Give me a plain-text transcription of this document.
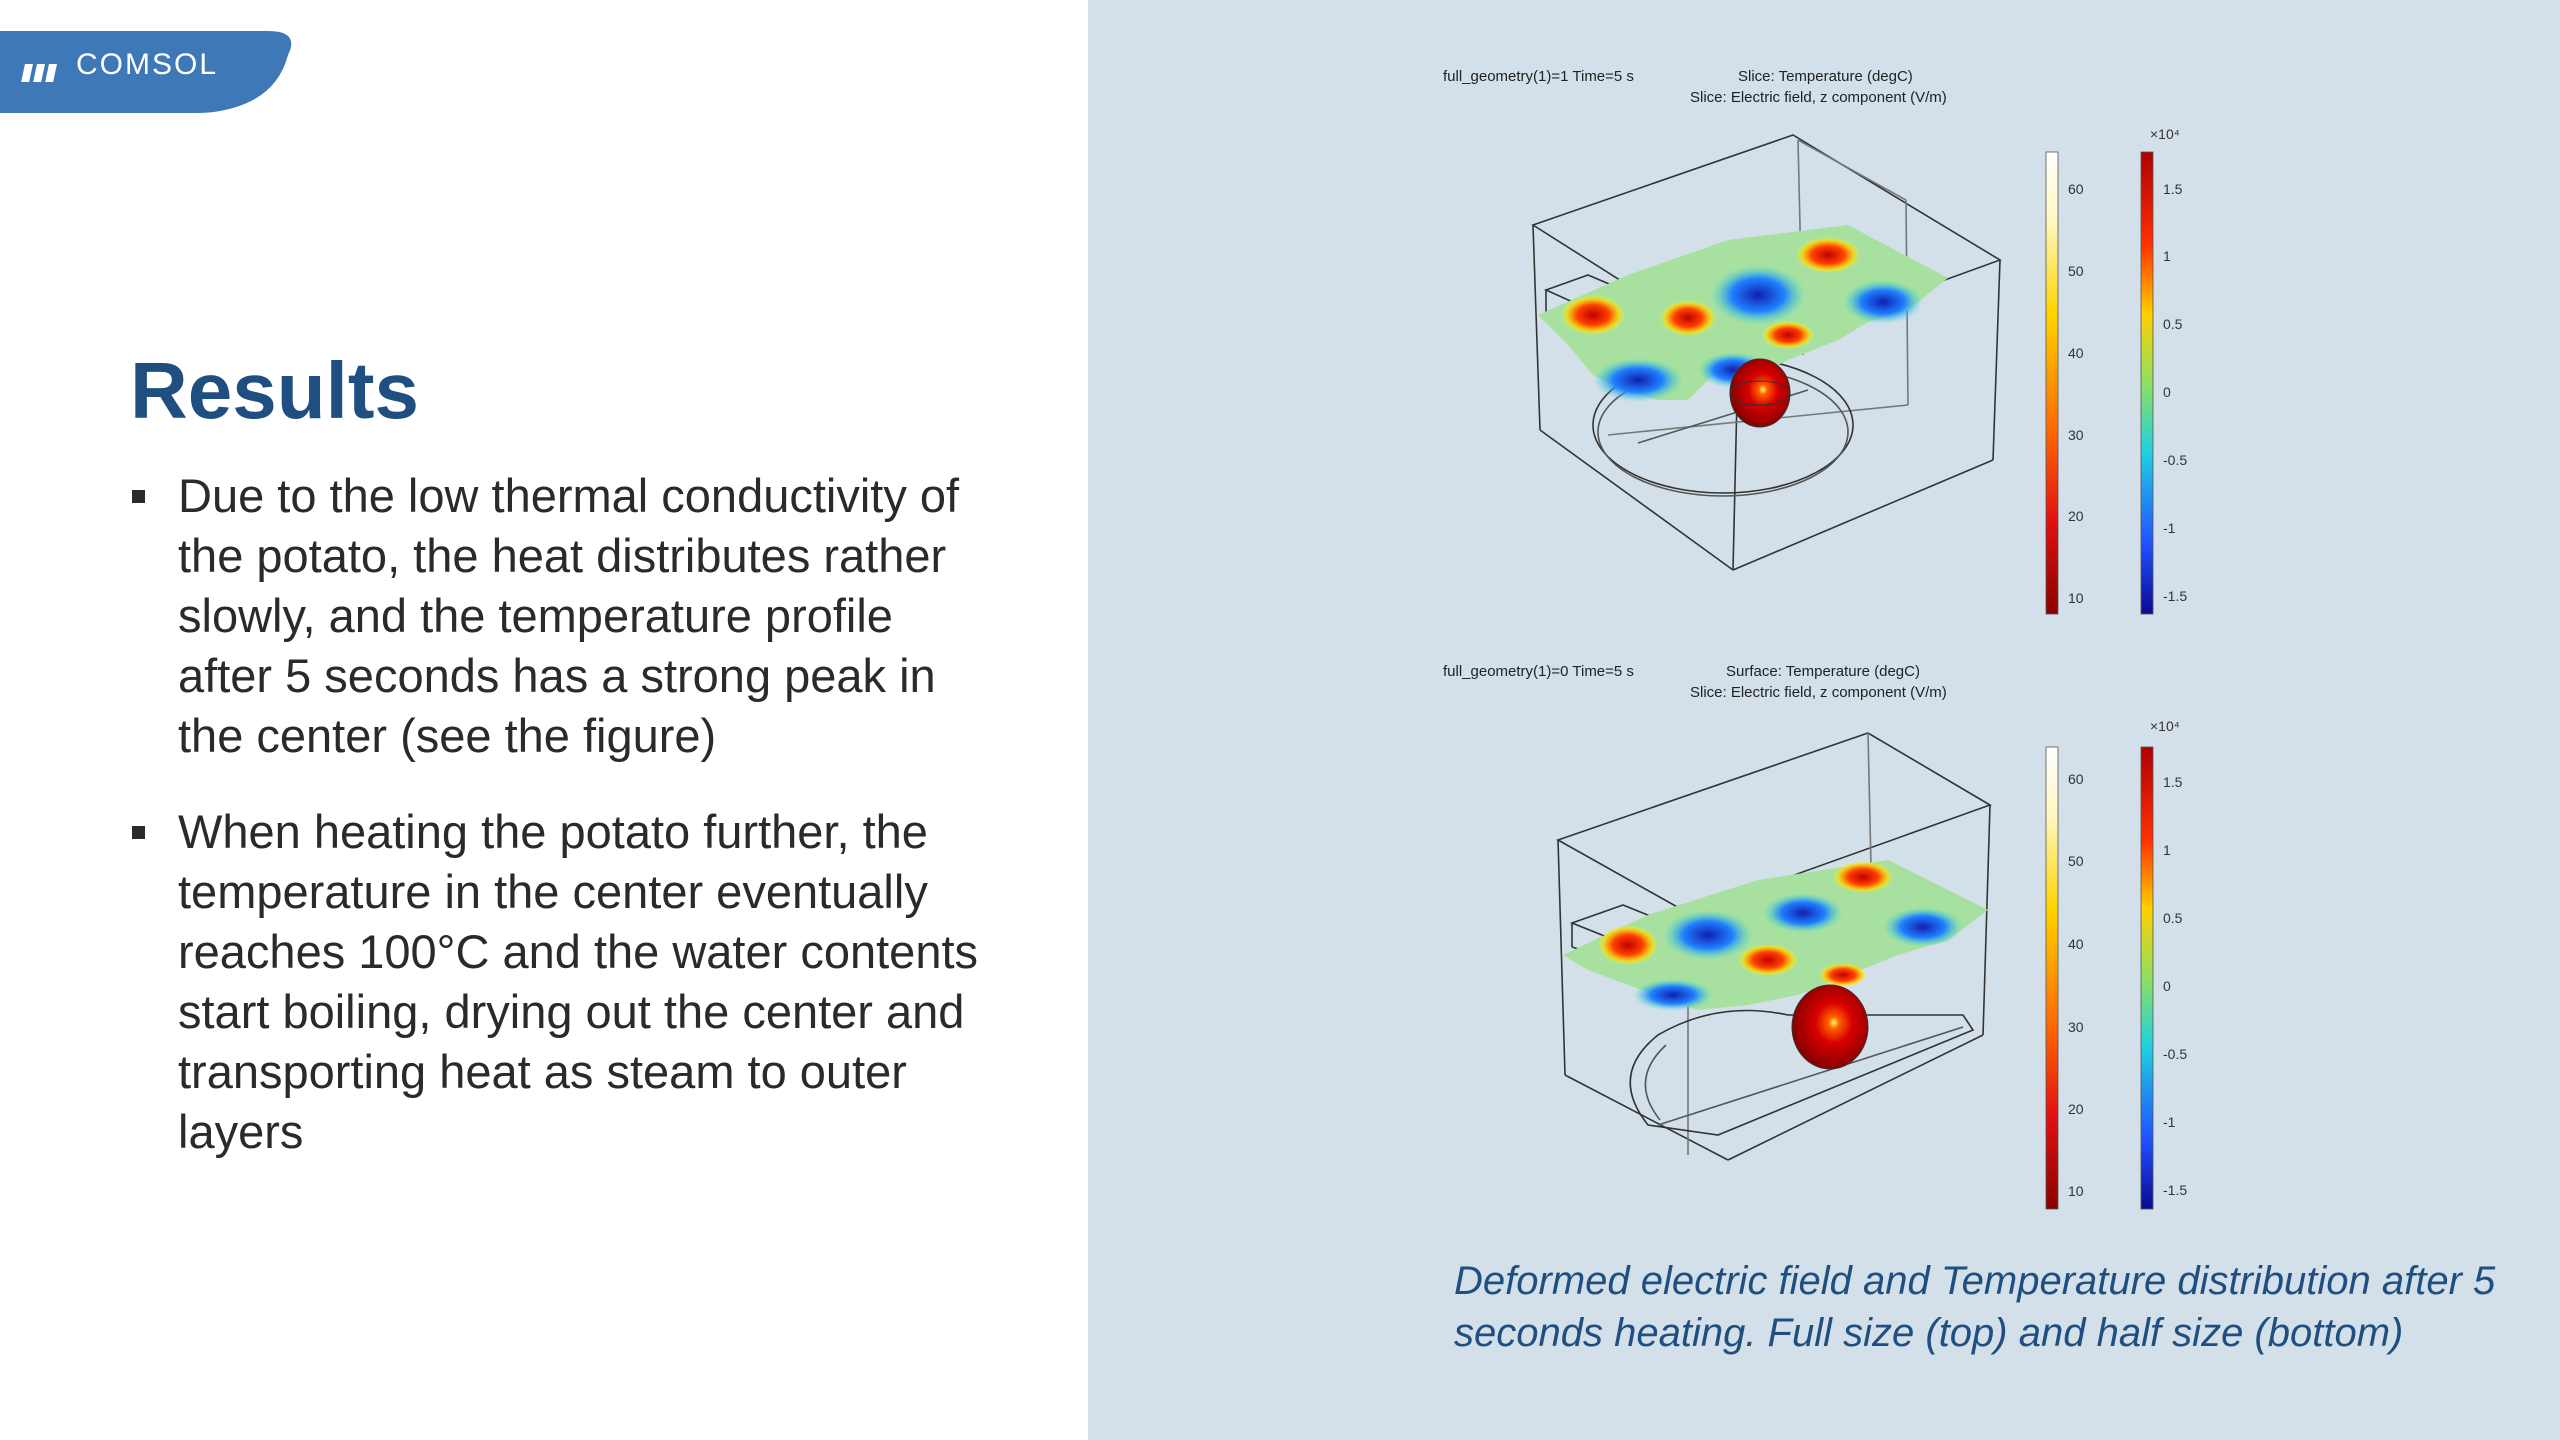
COMSOL
Results
Due to the low thermal conductivity of the potato, the heat distributes rather slowly, and the temperature profile after 5 seconds has a strong peak in the center (see the figure)
When heating the potato further, the temperature in the center eventually reaches 100°C and the water contents start boiling, drying out the center and transporting heat as steam to outer layers
full_geometry(1)=1 Time=5 s	Slice: Temperature (degC)
Slice: Electric field, z component (V/m)
60
50
40
30
20
10
×10⁴
1.5
1
0.5
0
-0.5
-1
-1.5
full_geometry(1)=0 Time=5 s	Surface: Temperature (degC)
Slice: Electric field, z component (V/m)
60
50
40
30
20
10
×10⁴
1.5
1
0.5
0
-0.5
-1
-1.5

Deformed electric field and Temperature distribution after 5 seconds heating. Full size (top) and half size (bottom)
